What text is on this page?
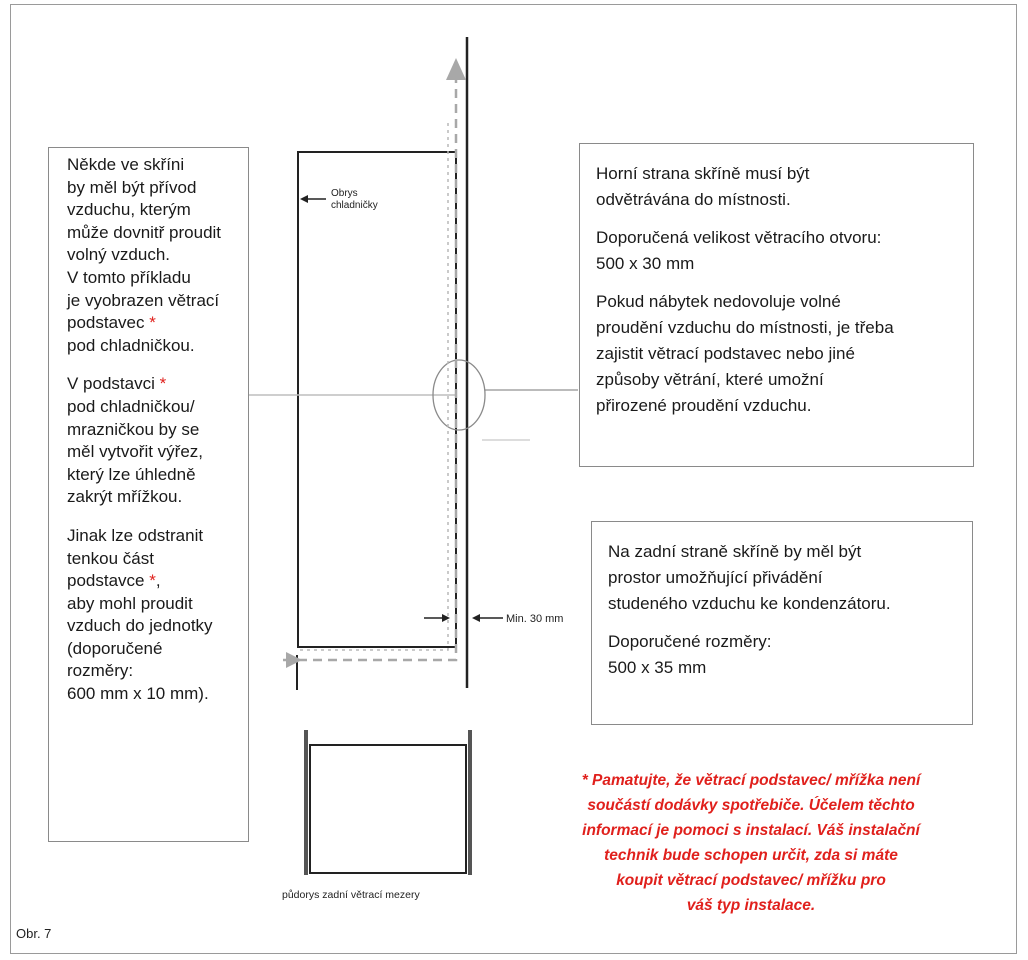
Někde ve skříni

by měl být přívod

vzduchu, kterým

může dovnitř proudit

volný vzduch.

V tomto příkladu

je vyobrazen větrací

podstavec *

pod chladničkou.

V podstavci *

pod chladničkou/

mrazničkou by se

měl vytvořit výřez,

který lze úhledně

zakrýt mřížkou.

Jinak lze odstranit

tenkou část

podstavce *,

aby mohl proudit

vzduch do jednotky

(doporučené

rozměry:

600 mm x 10 mm).

Horní strana skříně musí být

odvětrávána do místnosti.

Doporučená velikost větracího otvoru:

500 x 30 mm

Pokud nábytek nedovoluje volné

proudění vzduchu do místnosti, je třeba

zajistit větrací podstavec nebo jiné

způsoby větrání, které umožní

přirozené proudění vzduchu.

Na zadní straně skříně by měl být

prostor umožňující přivádění

studeného vzduchu ke kondenzátoru.

Doporučené rozměry:

500 x 35 mm

Obrys
chladničky
Min. 30 mm
půdorys zadní větrací mezery
Obr. 7
* Pamatujte, že větrací podstavec/ mřížka není
součástí dodávky spotřebiče. Účelem těchto
informací je pomoci s instalací. Váš instalační
technik bude schopen určit, zda si máte
koupit větrací podstavec/ mřížku pro
váš typ instalace.
